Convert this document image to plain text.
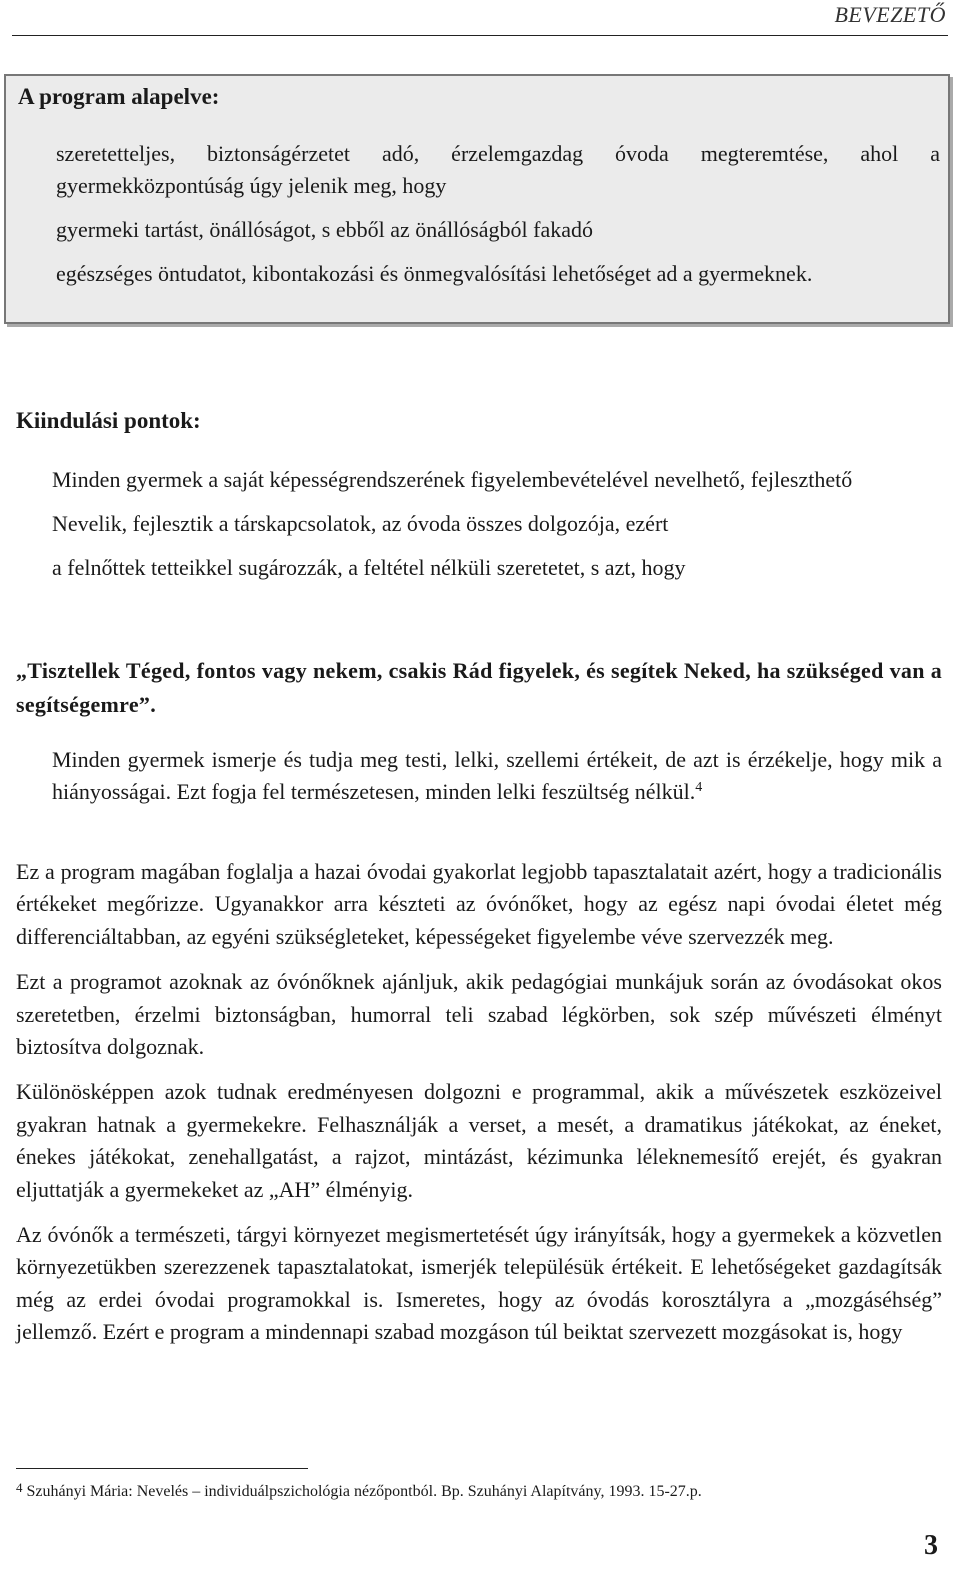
BEVEZETŐ
A program alapelve:

szeretetteljes, biztonságérzetet adó, érzelemgazdag óvoda megteremtése, ahol a gyermekközpontúság úgy jelenik meg, hogy

gyermeki tartást, önállóságot, s ebből az önállóságból fakadó

egészséges öntudatot, kibontakozási és önmegvalósítási lehetőséget ad a gyermeknek.

Kiindulási pontok:

Minden gyermek a saját képességrendszerének figyelembevételével nevelhető, fejleszthető

Nevelik, fejlesztik a társkapcsolatok, az óvoda összes dolgozója, ezért

a felnőttek tetteikkel sugározzák, a feltétel nélküli szeretetet, s azt, hogy

„Tisztellek Téged, fontos vagy nekem, csakis Rád figyelek, és segítek Neked, ha szükséged van a segítségemre”.

Minden gyermek ismerje és tudja meg testi, lelki, szellemi értékeit, de azt is érzékelje, hogy mik a hiányosságai. Ezt fogja fel természetesen, minden lelki feszültség nélkül.$^4$

Ez a program magában foglalja a hazai óvodai gyakorlat legjobb tapasztalatait azért, hogy a tradicionális értékeket megőrizze. Ugyanakkor arra készteti az óvónőket, hogy az egész napi óvodai életet még differenciáltabban, az egyéni szükségleteket, képességeket figyelembe véve szervezzék meg.

Ezt a programot azoknak az óvónőknek ajánljuk, akik pedagógiai munkájuk során az óvodásokat okos szeretetben, érzelmi biztonságban, humorral teli szabad légkörben, sok szép művészeti élményt biztosítva dolgoznak.

Különösképpen azok tudnak eredményesen dolgozni e programmal, akik a művészetek eszközeivel gyakran hatnak a gyermekekre. Felhasználják a verset, a mesét, a dramatikus játékokat, az éneket, énekes játékokat, zenehallgatást, a rajzot, mintázást, kézimunka léleknemesítő erejét, és gyakran eljuttatják a gyermekeket az „AH” élményig.

Az óvónők a természeti, tárgyi környezet megismertetését úgy irányítsák, hogy a gyermekek a közvetlen környezetükben szerezzenek tapasztalatokat, ismerjék településük értékeit. E lehetőségeket gazdagítsák még az erdei óvodai programokkal is. Ismeretes, hogy az óvodás korosztályra a „mozgáséhség” jellemző. Ezért e program a mindennapi szabad mozgáson túl beiktat szervezett mozgásokat is, hogy

$^4$ Szuhányi Mária: Nevelés – individuálpszichológia nézőpontból. Bp. Szuhányi Alapítvány, 1993. 15-27.p.
3
